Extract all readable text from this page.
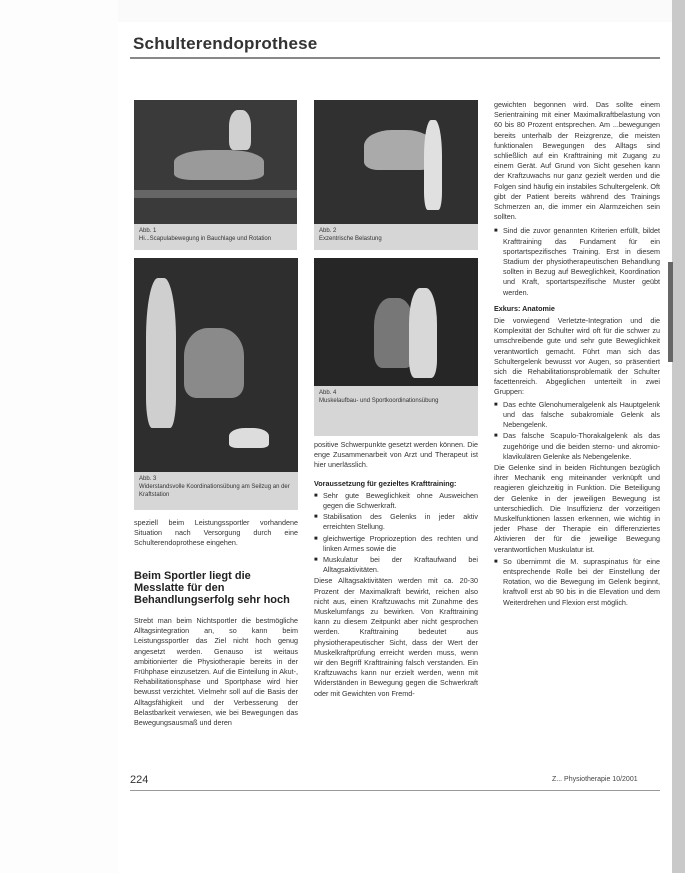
Schulterendoprothese
Abb. 1
Hi...Scapulabewegung in Bauchlage und Rotation
Abb. 2
Exzentrische Belastung
Abb. 3
Widerstandsvolle Koordinationsübung am Seilzug an der Kraftstation
Abb. 4
Muskelaufbau- und Sportkoordinationsübung

speziell beim Leistungssportler vorhandene Situation nach Versorgung durch eine Schulterendoprothese eingehen.

Beim Sportler liegt die Messlatte für den Behandlungserfolg sehr hoch

Strebt man beim Nichtsportler die bestmögliche Alltagsintegration an, so kann beim Leistungssportler das Ziel nicht hoch genug angesetzt werden. Genauso ist weitaus ambitionierter die Physiotherapie bereits in der Frühphase einzusetzen. Auf die Einteilung in Akut-, Rehabilitationsphase und Sportphase wird hier bewusst verzichtet. Vielmehr soll auf die Basis der Alltagsfähigkeit und der Verbesserung der Belastbarkeit verwiesen, wie bei Bewegungen das Bewegungsausmaß und deren

positive Schwerpunkte gesetzt werden können. Die enge Zusammenarbeit von Arzt und Therapeut ist hier unerlässlich.

Voraussetzung für gezieltes Krafttraining:

■ Sehr gute Beweglichkeit ohne Ausweichen gegen die Schwerkraft.
■ Stabilisation des Gelenks in jeder aktiv erreichten Stellung.
■ gleichwertige Propriozeption des rechten und linken Armes sowie die
■ Muskulatur bei der Kraftaufwand bei Alltagsaktivitäten.

Diese Alltagsaktivitäten werden mit ca. 20-30 Prozent der Maximalkraft bewirkt, reichen also nicht aus, einen Kraftzuwachs mit Zunahme des Muskelumfangs zu bewirken. Von Krafttraining kann zu diesem Zeitpunkt aber nicht gesprochen werden. Krafttraining bedeutet aus physiotherapeutischer Sicht, dass der Wert der Muskelkraftprüfung erreicht werden muss, wenn wir den Begriff Krafttraining falsch verstanden. Ein Kraftzuwachs kann nur erzielt werden, wenn mit Widerständen in Bewegung gegen die Schwerkraft oder mit Gewichten von Fremd-

gewichten begonnen wird. Das sollte einem Serientraining mit einer Maximalkraftbelastung von 60 bis 80 Prozent entsprechen. Am ...bewegungen bereits unterhalb der Reizgrenze, die meisten funktionalen Bewegungen des Alltags sind schließlich auf ein Krafttraining mit Zugang zu einem Gerät. Auf Grund von Sicht gesehen kann der Kraftzuwachs nur ganz gezielt werden und die Folgen sind häufig ein instabiles Schultergelenk. Oft gibt der Patient bereits während des Trainings Schmerzen an, die immer ein Alarmzeichen sein sollten.

■ Sind die zuvor genannten Kriterien erfüllt, bildet Krafttraining das Fundament für ein sportartspezifisches Training. Erst in diesem Stadium der physiotherapeutischen Behandlung sollten in Bezug auf Beweglichkeit, Koordination und Kraft, sportartspezifische Muster geübt werden.

Exkurs: Anatomie

Die vorwiegend Verletzte-Integration und die Komplexität der Schulter wird oft für die schwer zu umschreibende gute und sehr gute Beweglichkeit verantwortlich gemacht. Führt man sich das Schultergelenk bewusst vor Augen, so präsentiert sich die Rehabilitationsproblematik der Schulter facettenreich. Abgeglichen unterteilt in zwei Gruppen:

■ Das echte Glenohumeralgelenk als Hauptgelenk und das falsche subakromiale Gelenk als Nebengelenk.
■ Das falsche Scapulo-Thorakalgelenk als das zugehörige und die beiden sterno- und akromio-klavikulären Gelenke als Nebengelenke.

Die Gelenke sind in beiden Richtungen bezüglich ihrer Mechanik eng miteinander verknüpft und reagieren gleichzeitig in Funktion. Die Beteiligung der Gelenke in der jeweiligen Bewegung ist unterschiedlich. Die Insuffizienz der vorzeitigen Muskelfunktionen lassen erkennen, wie wichtig in jeder Phase der Therapie ein differenziertes Aktivieren der für die jeweilige Bewegung verantwortlichen Muskulatur ist.

■ So übernimmt die M. supraspinatus für eine entsprechende Rolle bei der Einstellung der Rotation, wo die Bewegung im Gelenk beginnt, kraftvoll erst ab 90 bis in die Elevation und dem Weiterdrehen und Flexion erst möglich.
224	Z... Physiotherapie 10/2001
